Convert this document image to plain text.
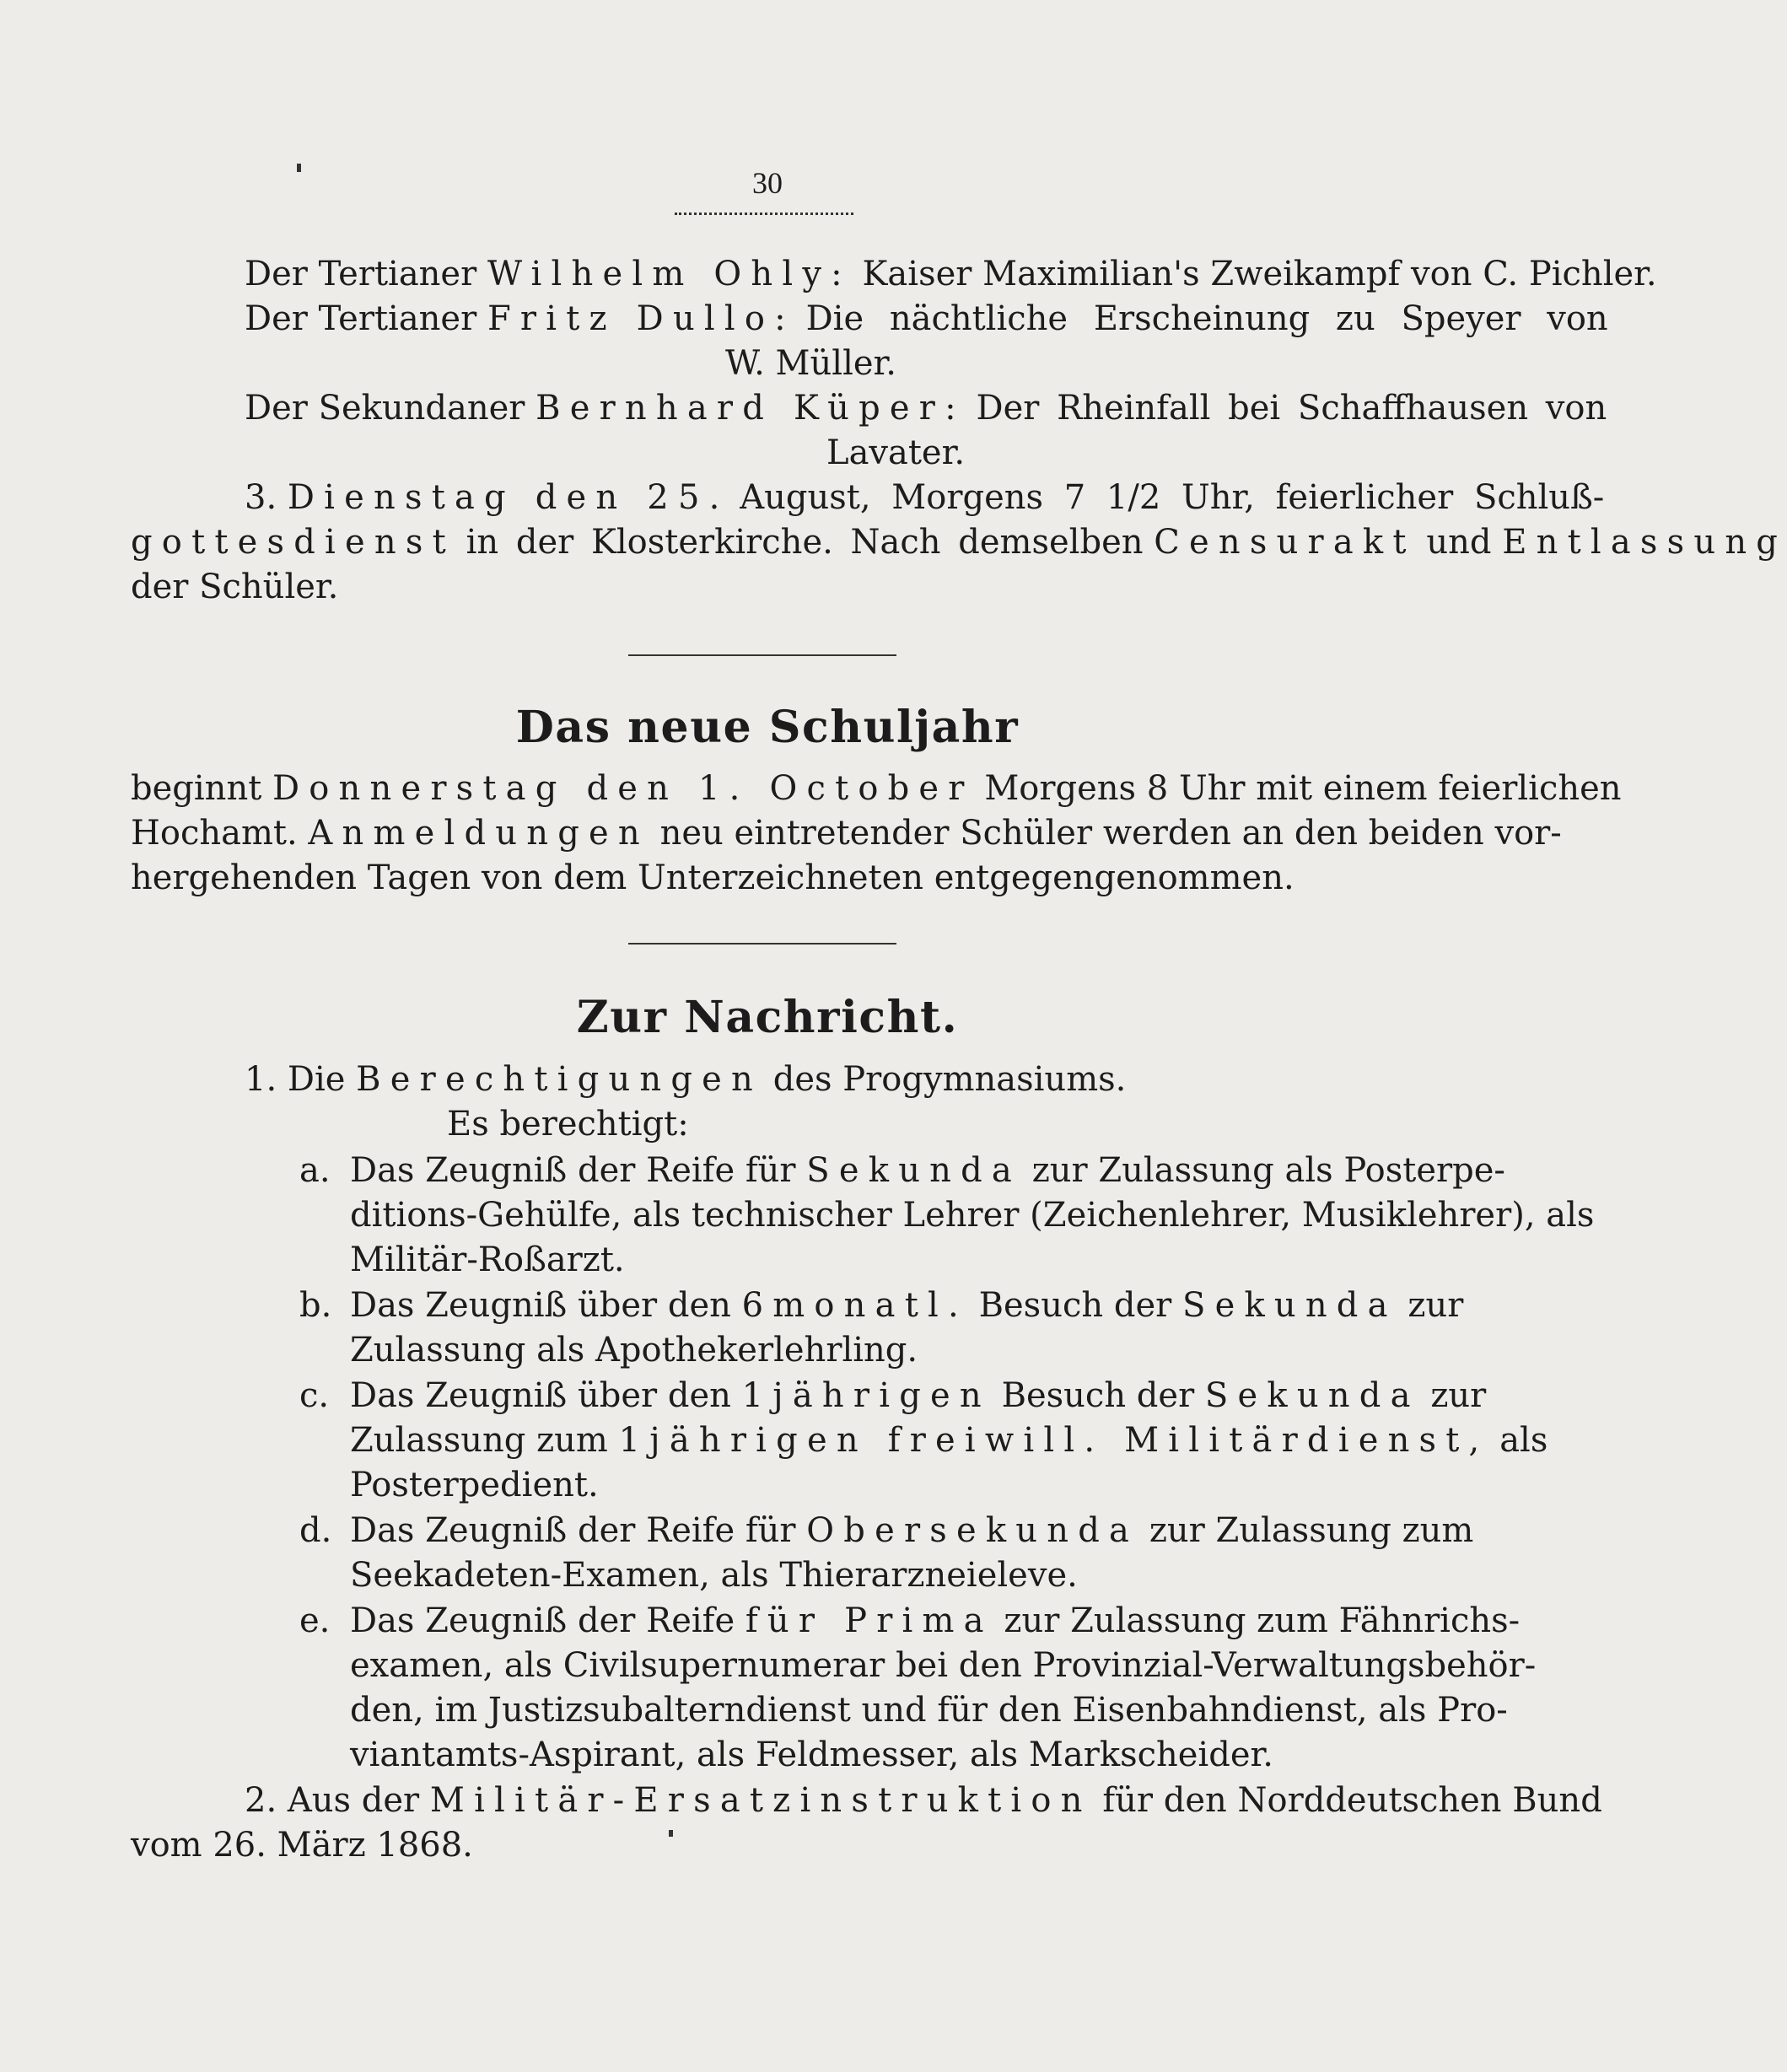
30
Der Tertianer Wilhelm Ohly: Kaiser Maximilian's Zweikampf von C. Pichler.
Der Tertianer Fritz Dullo: Die nächtliche Erscheinung zu Speyer von
W. Müller.
Der Sekundaner Bernhard Küper: Der Rheinfall bei Schaffhausen von
Lavater.
3. Dienstag den 25. August, Morgens 7 1/2 Uhr, feierlicher Schluß-
gottesdienst in der Klosterkirche. Nach demselben Censurakt und Entlassung
der Schüler.
Das neue Schuljahr
beginnt Donnerstag den 1. October Morgens 8 Uhr mit einem feierlichen
Hochamt. Anmeldungen neu eintretender Schüler werden an den beiden vor-
hergehenden Tagen von dem Unterzeichneten entgegengenommen.
Zur Nachricht.
1. Die Berechtigungen des Progymnasiums.
Es berechtigt:
a. Das Zeugniß der Reife für Sekunda zur Zulassung als Posterpe-
ditions-Gehülfe, als technischer Lehrer (Zeichenlehrer, Musiklehrer), als
Militär-Roßarzt.
b. Das Zeugniß über den 6monatl. Besuch der Sekunda zur
Zulassung als Apothekerlehrling.
c. Das Zeugniß über den 1jährigen Besuch der Sekunda zur
Zulassung zum 1jährigen freiwill. Militärdienst, als
Posterpedient.
d. Das Zeugniß der Reife für Obersekunda zur Zulassung zum
Seekadeten-Examen, als Thierarzneieleve.
e. Das Zeugniß der Reife für Prima zur Zulassung zum Fähnrichs-
examen, als Civilsupernumerar bei den Provinzial-Verwaltungsbehör-
den, im Justizsubalterndienst und für den Eisenbahndienst, als Pro-
viantamts-Aspirant, als Feldmesser, als Markscheider.
2. Aus der Militär-Ersatzinstruktion für den Norddeutschen Bund
vom 26. März 1868.
